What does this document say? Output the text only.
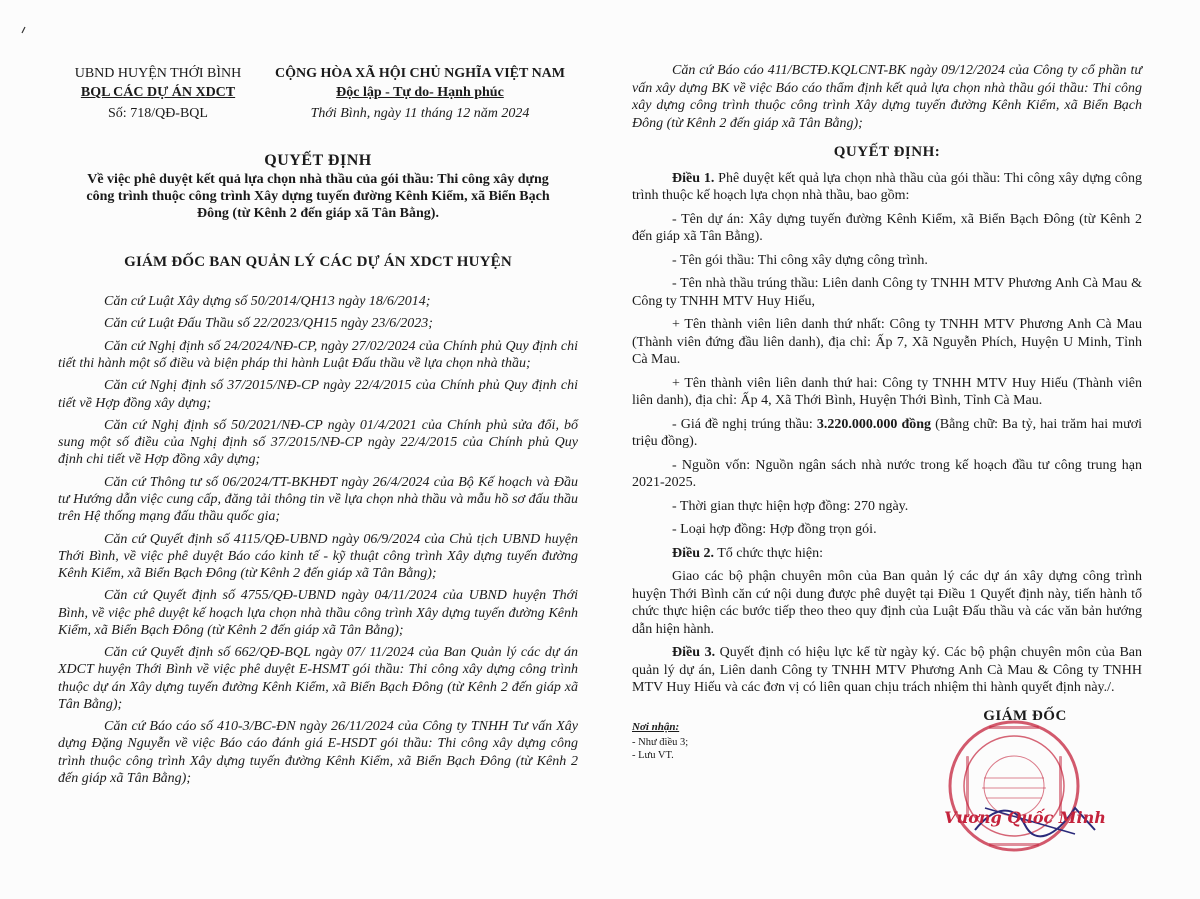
UBND HUYỆN THỚI BÌNH
BQL CÁC DỰ ÁN XDCT
Số: 718/QĐ-BQL
CỘNG HÒA XÃ HỘI CHỦ NGHĨA VIỆT NAM
Độc lập - Tự do- Hạnh phúc
Thới Bình, ngày 11 tháng 12 năm 2024
QUYẾT ĐỊNH
Về việc phê duyệt kết quả lựa chọn nhà thầu của gói thầu: Thi công xây dựng công trình thuộc công trình Xây dựng tuyến đường Kênh Kiểm, xã Biển Bạch Đông (từ Kênh 2 đến giáp xã Tân Bằng).
GIÁM ĐỐC BAN QUẢN LÝ CÁC DỰ ÁN XDCT HUYỆN

Căn cứ Luật Xây dựng số 50/2014/QH13 ngày 18/6/2014;

Căn cứ Luật Đấu Thầu số 22/2023/QH15 ngày 23/6/2023;

Căn cứ Nghị định số 24/2024/NĐ-CP, ngày 27/02/2024 của Chính phủ Quy định chi tiết thi hành một số điều và biện pháp thi hành Luật Đấu thầu về lựa chọn nhà thầu;

Căn cứ Nghị định số 37/2015/NĐ-CP ngày 22/4/2015 của Chính phủ Quy định chi tiết về Hợp đồng xây dựng;

Căn cứ Nghị định số 50/2021/NĐ-CP ngày 01/4/2021 của Chính phủ sửa đổi, bổ sung một số điều của Nghị định số 37/2015/NĐ-CP ngày 22/4/2015 của Chính phủ Quy định chi tiết về Hợp đồng xây dựng;

Căn cứ Thông tư số 06/2024/TT-BKHĐT ngày 26/4/2024 của Bộ Kế hoạch và Đầu tư Hướng dẫn việc cung cấp, đăng tải thông tin về lựa chọn nhà thầu và mẫu hồ sơ đấu thầu trên Hệ thống mạng đấu thầu quốc gia;

Căn cứ Quyết định số 4115/QĐ-UBND ngày 06/9/2024 của Chủ tịch UBND huyện Thới Bình, về việc phê duyệt Báo cáo kinh tế - kỹ thuật công trình Xây dựng tuyến đường Kênh Kiểm, xã Biển Bạch Đông (từ Kênh 2 đến giáp xã Tân Bằng);

Căn cứ Quyết định số 4755/QĐ-UBND ngày 04/11/2024 của UBND huyện Thới Bình, về việc phê duyệt kế hoạch lựa chọn nhà thầu công trình Xây dựng tuyến đường Kênh Kiểm, xã Biển Bạch Đông (từ Kênh 2 đến giáp xã Tân Bằng);

Căn cứ Quyết định số 662/QĐ-BQL ngày 07/ 11/2024 của Ban Quản lý các dự án XDCT huyện Thới Bình về việc phê duyệt E-HSMT gói thầu: Thi công xây dựng công trình thuộc dự án Xây dựng tuyến đường Kênh Kiểm, xã Biển Bạch Đông (từ Kênh 2 đến giáp xã Tân Bằng);

Căn cứ Báo cáo số 410-3/BC-ĐN ngày 26/11/2024 của Công ty TNHH Tư vấn Xây dựng Đặng Nguyễn về việc Báo cáo đánh giá E-HSDT gói thầu: Thi công xây dựng công trình thuộc công trình Xây dựng tuyến đường Kênh Kiểm, xã Biển Bạch Đông (từ Kênh 2 đến giáp xã Tân Bằng);

Căn cứ Báo cáo 411/BCTĐ.KQLCNT-BK ngày 09/12/2024 của Công ty cổ phần tư vấn xây dựng BK về việc Báo cáo thẩm định kết quả lựa chọn nhà thầu gói thầu: Thi công xây dựng công trình thuộc công trình Xây dựng tuyến đường Kênh Kiểm, xã Biển Bạch Đông (từ Kênh 2 đến giáp xã Tân Bằng);

QUYẾT ĐỊNH:

Điều 1. Phê duyệt kết quả lựa chọn nhà thầu của gói thầu: Thi công xây dựng công trình thuộc kế hoạch lựa chọn nhà thầu, bao gồm:

- Tên dự án: Xây dựng tuyến đường Kênh Kiểm, xã Biển Bạch Đông (từ Kênh 2 đến giáp xã Tân Bằng).

- Tên gói thầu: Thi công xây dựng công trình.

- Tên nhà thầu trúng thầu: Liên danh Công ty TNHH MTV Phương Anh Cà Mau & Công ty TNHH MTV Huy Hiếu,

+ Tên thành viên liên danh thứ nhất: Công ty TNHH MTV Phương Anh Cà Mau (Thành viên đứng đầu liên danh), địa chỉ: Ấp 7, Xã Nguyễn Phích, Huyện U Minh, Tỉnh Cà Mau.

+ Tên thành viên liên danh thứ hai: Công ty TNHH MTV Huy Hiếu (Thành viên liên danh), địa chỉ: Ấp 4, Xã Thới Bình, Huyện Thới Bình, Tỉnh Cà Mau.

- Giá đề nghị trúng thầu: 3.220.000.000 đồng (Bằng chữ: Ba tỷ, hai trăm hai mươi triệu đồng).

- Nguồn vốn: Nguồn ngân sách nhà nước trong kế hoạch đầu tư công trung hạn 2021-2025.

- Thời gian thực hiện hợp đồng: 270 ngày.

- Loại hợp đồng: Hợp đồng trọn gói.

Điều 2. Tổ chức thực hiện:

Giao các bộ phận chuyên môn của Ban quản lý các dự án xây dựng công trình huyện Thới Bình căn cứ nội dung được phê duyệt tại Điều 1 Quyết định này, tiến hành tổ chức thực hiện các bước tiếp theo theo quy định của Luật Đấu thầu và các văn bản hướng dẫn hiện hành.

Điều 3. Quyết định có hiệu lực kể từ ngày ký. Các bộ phận chuyên môn của Ban quản lý dự án, Liên danh Công ty TNHH MTV Phương Anh Cà Mau & Công ty TNHH MTV Huy Hiếu và các đơn vị có liên quan chịu trách nhiệm thi hành quyết định này./.

Nơi nhận:
- Như điều 3;
- Lưu VT.
GIÁM ĐỐC
Vương Quốc Minh
